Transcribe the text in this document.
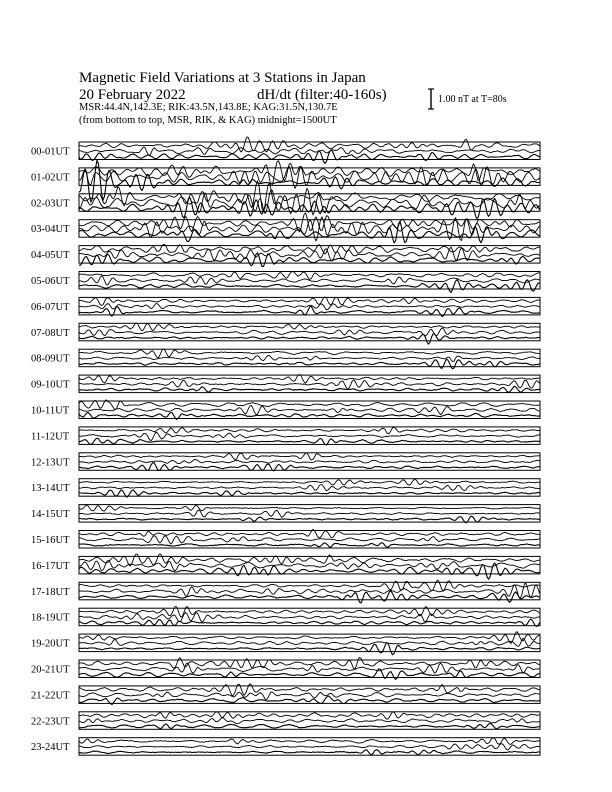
00-01UT
01-02UT
02-03UT
03-04UT
04-05UT
05-06UT
06-07UT
07-08UT
08-09UT
09-10UT
10-11UT
11-12UT
12-13UT
13-14UT
14-15UT
15-16UT
16-17UT
17-18UT
18-19UT
19-20UT
20-21UT
21-22UT
22-23UT
23-24UT
Magnetic Field Variations at 3 Stations in Japan
20 February 2022	dH/dt (filter:40-160s)
MSR:44.4N,142.3E; RIK:43.5N,143.8E; KAG:31.5N,130.7E
(from bottom to top, MSR, RIK, & KAG) midnight=1500UT
1.00 nT at T=80s
